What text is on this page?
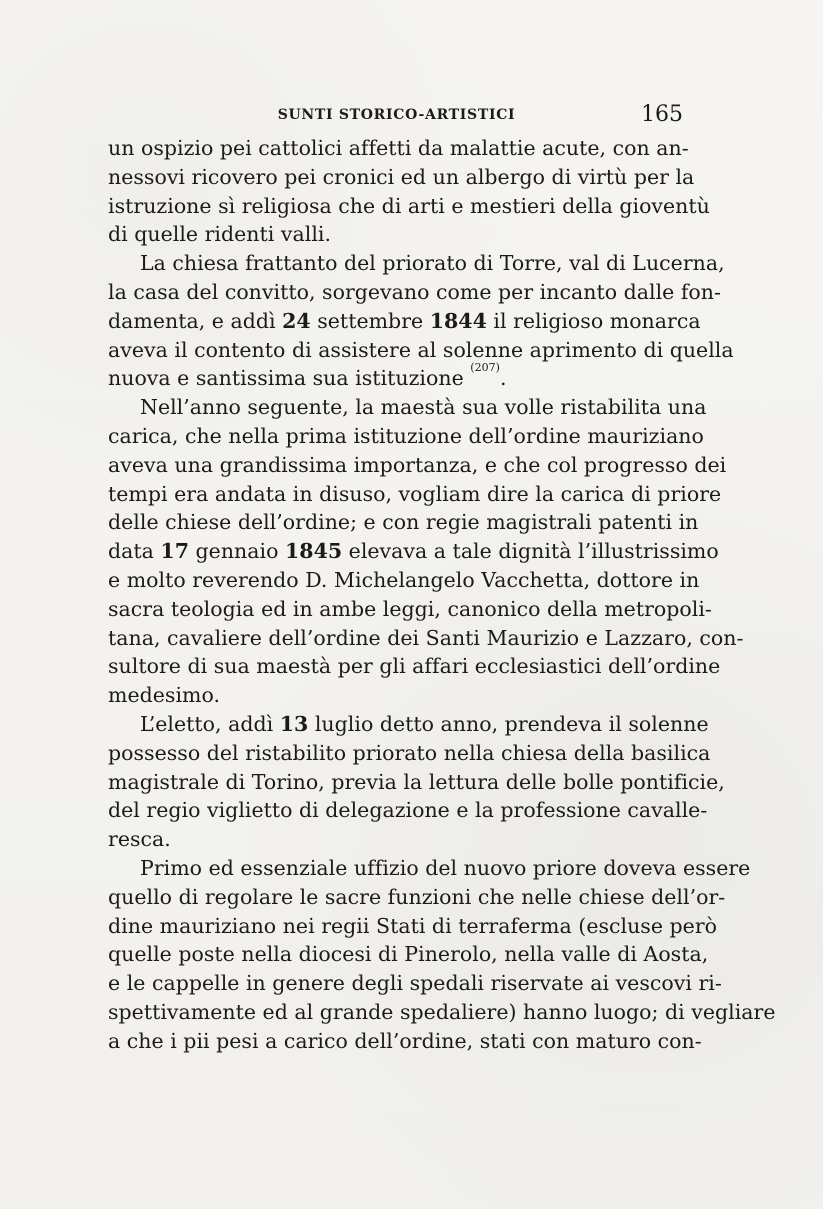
SUNTI STORICO-ARTISTICI	165
un ospizio pei cattolici affetti da malattie acute, con an-
nessovi ricovero pei cronici ed un albergo di virtù per la
istruzione sì religiosa che di arti e mestieri della gioventù
di quelle ridenti valli.
La chiesa frattanto del priorato di Torre, val di Lucerna,
la casa del convitto, sorgevano come per incanto dalle fon-
damenta, e addì 24 settembre 1844 il religioso monarca
aveva il contento di assistere al solenne aprimento di quella
nuova e santissima sua istituzione $^{(207)}$.
Nell’anno seguente, la maestà sua volle ristabilita una
carica, che nella prima istituzione dell’ordine mauriziano
aveva una grandissima importanza, e che col progresso dei
tempi era andata in disuso, vogliam dire la carica di priore
delle chiese dell’ordine; e con regie magistrali patenti in
data 17 gennaio 1845 elevava a tale dignità l’illustrissimo
e molto reverendo D. Michelangelo Vacchetta, dottore in
sacra teologia ed in ambe leggi, canonico della metropoli-
tana, cavaliere dell’ordine dei Santi Maurizio e Lazzaro, con-
sultore di sua maestà per gli affari ecclesiastici dell’ordine
medesimo.
L’eletto, addì 13 luglio detto anno, prendeva il solenne
possesso del ristabilito priorato nella chiesa della basilica
magistrale di Torino, previa la lettura delle bolle pontificie,
del regio viglietto di delegazione e la professione cavalle-
resca.
Primo ed essenziale uffizio del nuovo priore doveva essere
quello di regolare le sacre funzioni che nelle chiese dell’or-
dine mauriziano nei regii Stati di terraferma (escluse però
quelle poste nella diocesi di Pinerolo, nella valle di Aosta,
e le cappelle in genere degli spedali riservate ai vescovi ri-
spettivamente ed al grande spedaliere) hanno luogo; di vegliare
a che i pii pesi a carico dell’ordine, stati con maturo con-
